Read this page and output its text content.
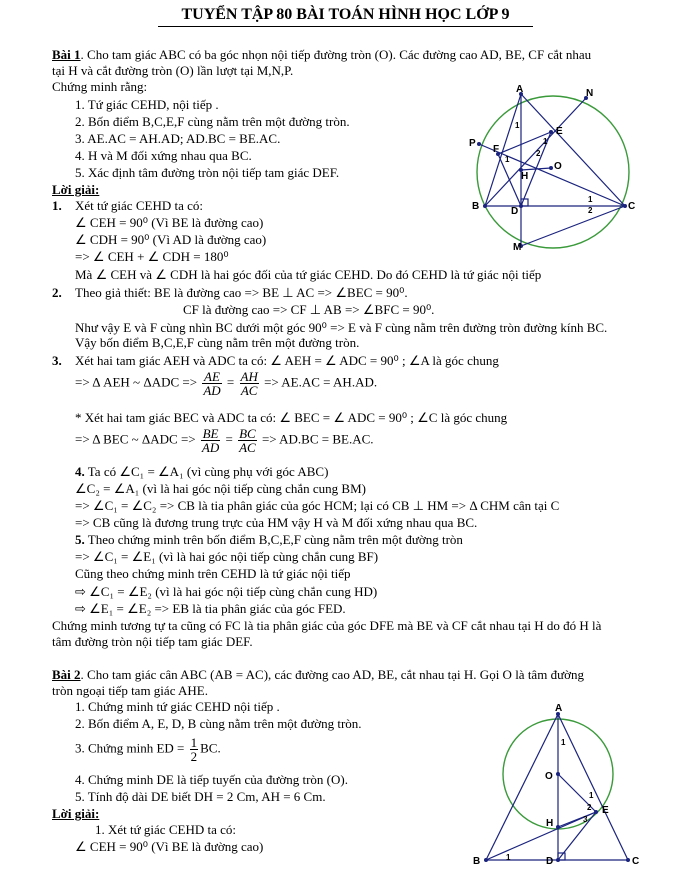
TUYỂN TẬP 80 BÀI TOÁN HÌNH HỌC LỚP 9
Bài 1. Cho tam giác ABC có ba góc nhọn nội tiếp đường tròn (O). Các đường cao AD, BE, CF cắt nhau
tại H và cắt đường tròn (O) lần lượt tại M,N,P.
Chứng minh rằng:
1. Tứ giác CEHD, nội tiếp .
2. Bốn điểm B,C,E,F cùng nằm trên một đường tròn.
3. AE.AC = AH.AD; AD.BC = BE.AC.
4. H và M đối xứng nhau qua BC.
5. Xác định tâm đường tròn nội tiếp tam giác DEF.
Lời giải:
1. Xét tứ giác CEHD ta có:
∠ CEH = 90⁰ (Vì BE là đường cao)
∠ CDH = 90⁰ (Vì AD là đường cao)
=> ∠ CEH + ∠ CDH = 180⁰
Mà ∠ CEH và ∠ CDH là hai góc đối của tứ giác CEHD. Do đó CEHD là tứ giác nội tiếp
2. Theo giả thiết: BE là đường cao => BE ⊥ AC => ∠BEC = 90⁰.
CF là đường cao => CF ⊥ AB => ∠BFC = 90⁰.
Như vậy E và F cùng nhìn BC dưới một góc 90⁰ => E và F cùng nằm trên đường tròn đường kính BC.
Vậy bốn điểm B,C,E,F cùng nằm trên một đường tròn.
3. Xét hai tam giác AEH và ADC ta có: ∠ AEH = ∠ ADC = 90⁰ ; ∠A là góc chung
=> Δ AEH ~ $\Delta ADC => \frac{AE}{AD} = \frac{AH}{AC} => AE.AC = AH.AD$.
* Xét hai tam giác BEC và ADC ta có: ∠ BEC = ∠ ADC = 90⁰ ; ∠C là góc chung
=> Δ BEC ~ $\Delta ADC => \frac{BE}{AD} = \frac{BC}{AC} => AD.BC = BE.AC$.
4. Ta có ∠C₁ = ∠A₁ (vì cùng phụ với góc ABC)
∠C₂ = ∠A₁ (vì là hai góc nội tiếp cùng chắn cung BM)
=> ∠C₁ = ∠C₂ => CB là tia phân giác của góc HCM; lại có CB ⊥ HM => Δ CHM cân tại C
=> CB cũng là đương trung trực của HM vậy H và M đối xứng nhau qua BC.
5. Theo chứng minh trên bốn điểm B,C,E,F cùng nằm trên một đường tròn
=> ∠C₁ = ∠E₁ (vì là hai góc nội tiếp cùng chắn cung BF)
Cũng theo chứng minh trên CEHD là tứ giác nội tiếp
⇨ ∠C₁ = ∠E₂ (vì là hai góc nội tiếp cùng chắn cung HD)
⇨ ∠E₁ = ∠E₂ => EB là tia phân giác của góc FED.
Chứng minh tương tự ta cũng có FC là tia phân giác của góc DFE mà BE và CF cắt nhau tại H do đó H là
tâm đường tròn nội tiếp tam giác DEF.
Bài 2. Cho tam giác cân ABC (AB = AC), các đường cao AD, BE, cắt nhau tại H. Gọi O là tâm đường
tròn ngoại tiếp tam giác AHE.
1. Chứng minh tứ giác CEHD nội tiếp .
2. Bốn điểm A, E, D, B cùng nằm trên một đường tròn.
3. Chứng minh ED = $\frac{1}{2}$ BC.
4. Chứng minh DE là tiếp tuyến của đường tròn (O).
5. Tính độ dài DE biết DH = 2 Cm, AH = 6 Cm.
Lời giải:
1. Xét tứ giác CEHD ta có:
∠ CEH = 90⁰ (Vì BE là đường cao)
A	N
E
P
F
O
H
B	D	C
M
1
1
2
1
1
2
A
O
E
H
B	D	C
1
1
2
3
1
